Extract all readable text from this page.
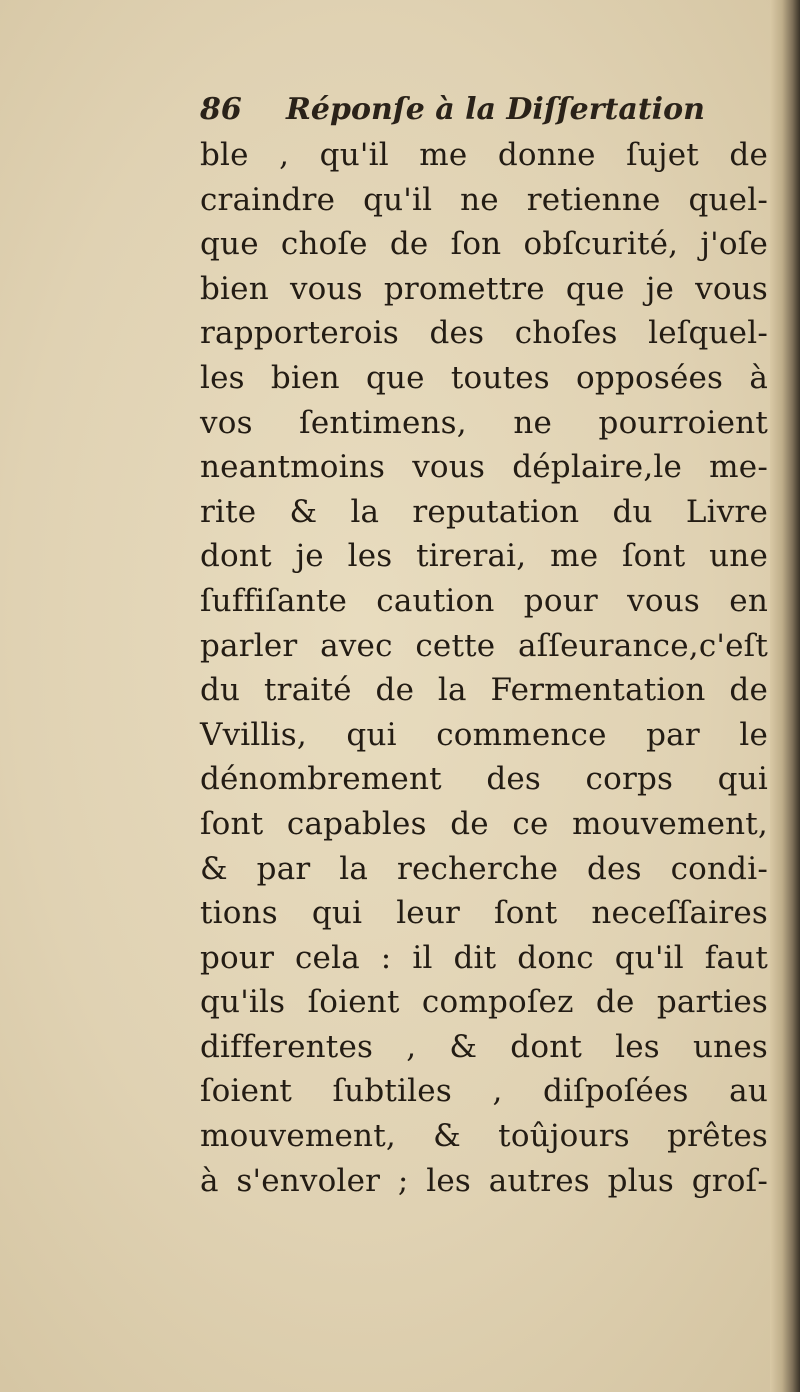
86 Réponſe à la Diſſertation
ble , qu'il me donne ſujet de
craindre qu'il ne retienne quel-
que choſe de ſon obſcurité, j'oſe
bien vous promettre que je vous
rapporterois des choſes leſquel-
les bien que toutes opposées à
vos ſentimens, ne pourroient
neantmoins vous déplaire,le me-
rite & la reputation du Livre
dont je les tirerai, me ſont une
ſuffiſante caution pour vous en
parler avec cette aſſeurance,c'eſt
du traité de la Fermentation de
Vvillis, qui commence par le
dénombrement des corps qui
ſont capables de ce mouvement,
& par la recherche des condi-
tions qui leur ſont neceſſaires
pour cela : il dit donc qu'il faut
qu'ils ſoient compoſez de parties
differentes , & dont les unes
ſoient ſubtiles , diſpoſées au
mouvement, & toûjours prêtes
à s'envoler ; les autres plus groſ-
